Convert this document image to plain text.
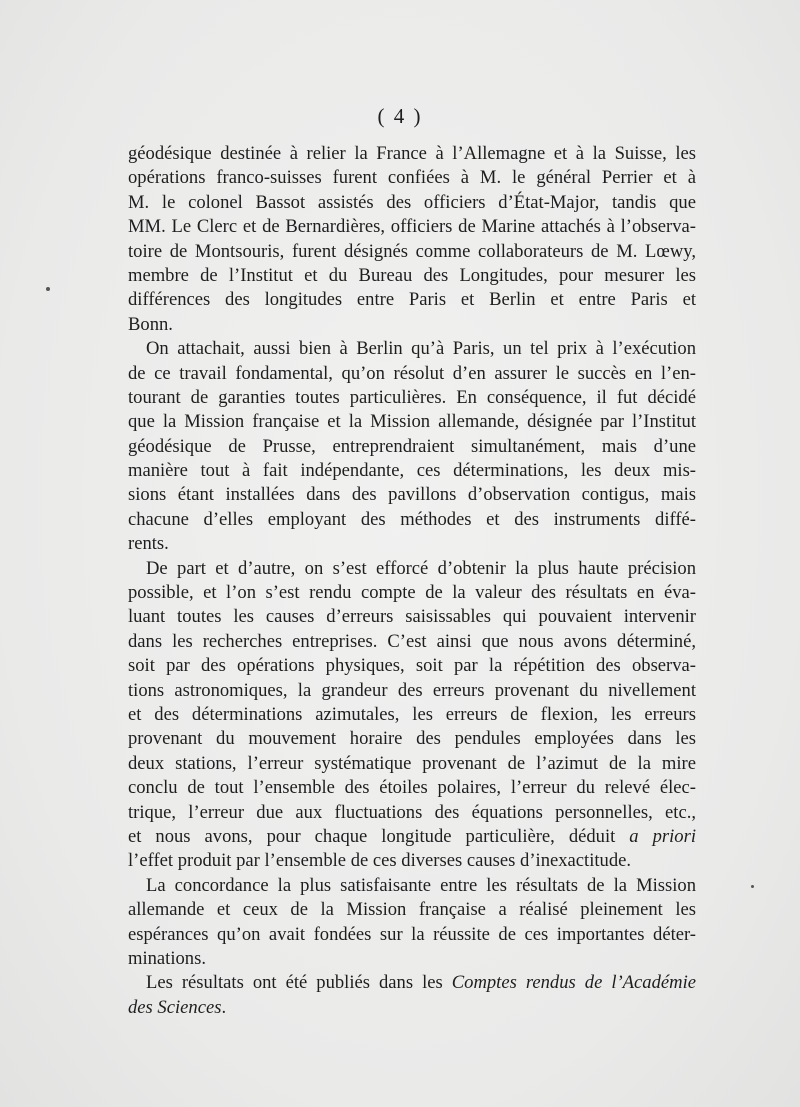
( 4 )
géodésique destinée à relier la France à l’Allemagne et à la Suisse, les
opérations franco-suisses furent confiées à M. le général Perrier et à
M. le colonel Bassot assistés des officiers d’État-Major, tandis que
MM. Le Clerc et de Bernardières, officiers de Marine attachés à l’observa-
toire de Montsouris, furent désignés comme collaborateurs de M. Lœwy,
membre de l’Institut et du Bureau des Longitudes, pour mesurer les
différences des longitudes entre Paris et Berlin et entre Paris et
Bonn.
On attachait, aussi bien à Berlin qu’à Paris, un tel prix à l’exécution
de ce travail fondamental, qu’on résolut d’en assurer le succès en l’en-
tourant de garanties toutes particulières. En conséquence, il fut décidé
que la Mission française et la Mission allemande, désignée par l’Institut
géodésique de Prusse, entreprendraient simultanément, mais d’une
manière tout à fait indépendante, ces déterminations, les deux mis-
sions étant installées dans des pavillons d’observation contigus, mais
chacune d’elles employant des méthodes et des instruments diffé-
rents.
De part et d’autre, on s’est efforcé d’obtenir la plus haute précision
possible, et l’on s’est rendu compte de la valeur des résultats en éva-
luant toutes les causes d’erreurs saisissables qui pouvaient intervenir
dans les recherches entreprises. C’est ainsi que nous avons déterminé,
soit par des opérations physiques, soit par la répétition des observa-
tions astronomiques, la grandeur des erreurs provenant du nivellement
et des déterminations azimutales, les erreurs de flexion, les erreurs
provenant du mouvement horaire des pendules employées dans les
deux stations, l’erreur systématique provenant de l’azimut de la mire
conclu de tout l’ensemble des étoiles polaires, l’erreur du relevé élec-
trique, l’erreur due aux fluctuations des équations personnelles, etc.,
et nous avons, pour chaque longitude particulière, déduit a priori
l’effet produit par l’ensemble de ces diverses causes d’inexactitude.
La concordance la plus satisfaisante entre les résultats de la Mission
allemande et ceux de la Mission française a réalisé pleinement les
espérances qu’on avait fondées sur la réussite de ces importantes déter-
minations.
Les résultats ont été publiés dans les Comptes rendus de l’Académie
des Sciences.
